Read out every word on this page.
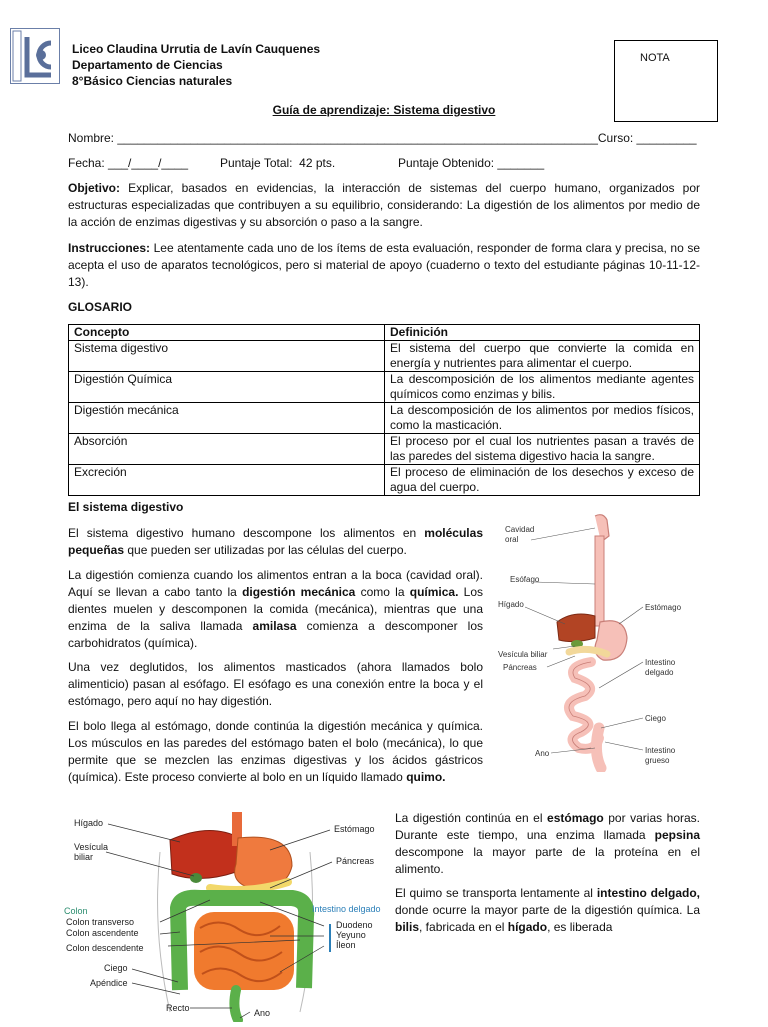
Liceo Claudina Urrutia de Lavín Cauquenes
Departamento de Ciencias
8°Básico Ciencias naturales
NOTA
Guía de aprendizaje: Sistema digestivo
Nombre: ________________________________________________________________________Curso: _________
Fecha: ___/____/____	Puntaje Total:  42 pts.	Puntaje Obtenido: _______
Objetivo: Explicar, basados en evidencias, la interacción de sistemas del cuerpo humano, organizados por estructuras especializadas que contribuyen a su equilibrio, considerando: La digestión de los alimentos por medio de la acción de enzimas digestivas y su absorción o paso a la sangre.
Instrucciones: Lee atentamente cada uno de los ítems de esta evaluación, responder de forma clara y precisa, no se acepta el uso de aparatos tecnológicos, pero si material de apoyo (cuaderno o texto del estudiante páginas 10-11-12-13).
GLOSARIO
Concepto	Definición
Sistema digestivo	El sistema del cuerpo que convierte la comida en energía y nutrientes para alimentar el cuerpo.
Digestión Química	La descomposición de los alimentos mediante agentes químicos como enzimas y bilis.
Digestión mecánica	La descomposición de los alimentos por medios físicos, como la masticación.
Absorción	El proceso por el cual los nutrientes pasan a través de las paredes del sistema digestivo hacia la sangre.
Excreción	El proceso de eliminación de los desechos y exceso de agua del cuerpo.
El sistema digestivo
El sistema digestivo humano descompone los alimentos en moléculas pequeñas que pueden ser utilizadas por las células del cuerpo.
La digestión comienza cuando los alimentos entran a la boca (cavidad oral). Aquí se llevan a cabo tanto la digestión mecánica como la química. Los dientes muelen y descomponen la comida (mecánica), mientras que una enzima de la saliva llamada amilasa comienza a descomponer los carbohidratos (química).
Una vez deglutidos, los alimentos masticados (ahora llamados bolo alimenticio) pasan al esófago. El esófago es una conexión entre la boca y el estómago, pero aquí no hay digestión.
El bolo llega al estómago, donde continúa la digestión mecánica y química. Los músculos en las paredes del estómago baten el bolo (mecánica), lo que permite que se mezclen las enzimas digestivas y los ácidos gástricos (química). Este proceso convierte al bolo en un líquido llamado quimo.
La digestión continúa en el estómago por varias horas. Durante este tiempo, una enzima llamada pepsina descompone la mayor parte de la proteína en el alimento.
El quimo se transporta lentamente al intestino delgado, donde ocurre la mayor parte de la digestión química. La bilis, fabricada en el hígado, es liberada
Cavidad
oral
Esófago
Hígado	Estómago
Vesícula biliar
Páncreas
Intestino
delgado
Ciego
Ano	Intestino
grueso
Hígado
Vesícula
biliar
Estómago
Páncreas
Colon
Colon transverso
Colon ascendente
Colon descendente
Intestino delgado
Duodeno
Yeyuno
Íleon
Ciego
Apéndice
Recto	Ano
